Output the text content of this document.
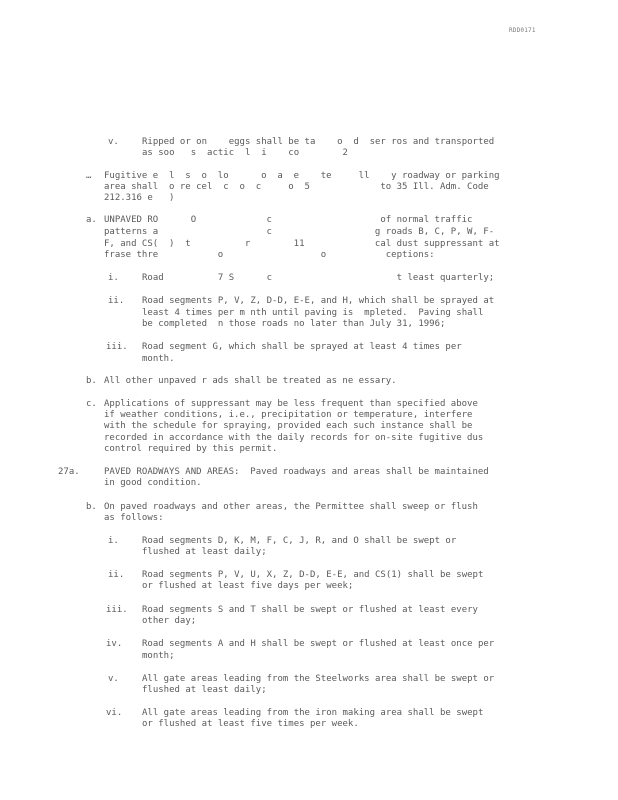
RDD0171
v.	Ripped or on    eggs shall be ta    o  d  ser ros and transported
as soo   s  actic  l  i    co        2
… Fugitive e  l  s  o  lo      o  a  e    te     ll    y roadway or parking
area shall  o re cel  c  o  c     o  5             to 35 Ill. Adm. Code
212.316 e   )
a. UNPAVED RO      O             c                    of normal traffic
patterns a                    c                   g roads B, C, P, W, F-
F, and CS(  )  t          r        11             cal dust suppressant at
frase thre           o                  o           ceptions:
i.	Road          7 S      c                       t least quarterly;
ii. Road segments P, V, Z, D-D, E-E, and H, which shall be sprayed at
least 4 times per m nth until paving is  mpleted.  Paving shall
be completed  n those roads no later than July 31, 1996;
iii. Road segment G, which shall be sprayed at least 4 times per
month.
b. All other unpaved r ads shall be treated as ne essary.
c. Applications of suppressant may be less frequent than specified above
if weather conditions, i.e., precipitation or temperature, interfere
with the schedule for spraying, provided each such instance shall be
recorded in accordance with the daily records for on-site fugitive dus
control required by this permit.
27a.	PAVED ROADWAYS AND AREAS:  Paved roadways and areas shall be maintained
in good condition.
b. On paved roadways and other areas, the Permittee shall sweep or flush
as follows:
i.	Road segments D, K, M, F, C, J, R, and O shall be swept or
flushed at least daily;
ii. Road segments P, V, U, X, Z, D-D, E-E, and CS(1) shall be swept
or flushed at least five days per week;
iii. Road segments S and T shall be swept or flushed at least every
other day;
iv. Road segments A and H shall be swept or flushed at least once per
month;
v.	All gate areas leading from the Steelworks area shall be swept or
flushed at least daily;
vi. All gate areas leading from the iron making area shall be swept
or flushed at least five times per week.
